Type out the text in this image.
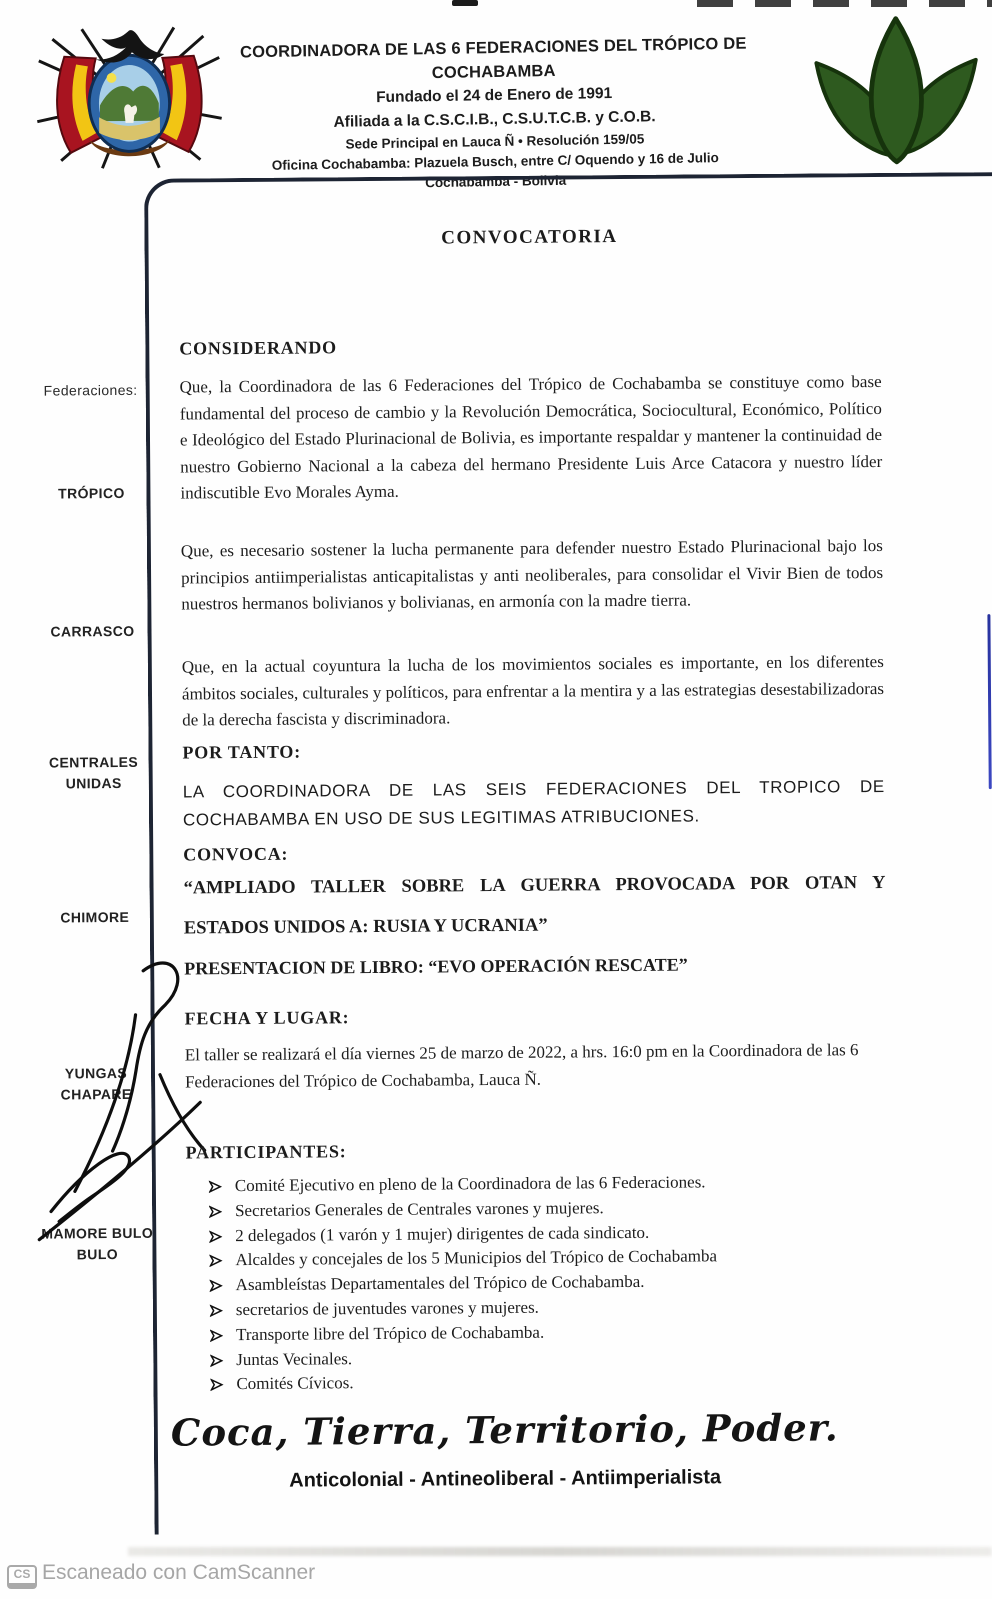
COORDINADORA DE LAS 6 FEDERACIONES DEL TRÓPICO DE COCHABAMBA
Fundado el 24 de Enero de 1991
Afiliada a la C.S.C.I.B., C.S.U.T.C.B. y C.O.B.
Sede Principal en Lauca Ñ • Resolución 159/05
Oficina Cochabamba: Plazuela Busch, entre C/ Oquendo y 16 de Julio
Cochabamba - Bolivia
Federaciones:
TRÓPICO
CARRASCO
CENTRALES UNIDAS
CHIMORE
YUNGAS CHAPARE
MAMORE BULO BULO
CONVOCATORIA
CONSIDERANDO
Que, la Coordinadora de las 6 Federaciones del Trópico de Cochabamba se constituye como base fundamental del proceso de cambio y la Revolución Democrática, Sociocultural, Económico, Político e Ideológico del Estado Plurinacional de Bolivia, es importante respaldar y mantener la continuidad de nuestro Gobierno Nacional a la cabeza del hermano Presidente Luis Arce Catacora y nuestro líder indiscutible Evo Morales Ayma.
Que, es necesario sostener la lucha permanente para defender nuestro Estado Plurinacional bajo los principios antiimperialistas anticapitalistas y anti neoliberales, para consolidar el Vivir Bien de todos nuestros hermanos bolivianos y bolivianas, en armonía con la madre tierra.
Que, en la actual coyuntura la lucha de los movimientos sociales es importante, en los diferentes ámbitos sociales, culturales y políticos, para enfrentar a la mentira y a las estrategias desestabilizadoras de la derecha fascista y discriminadora.
POR TANTO:
LA COORDINADORA DE LAS SEIS FEDERACIONES DEL TROPICO DE
COCHABAMBA EN USO DE SUS LEGITIMAS ATRIBUCIONES.
CONVOCA:
“AMPLIADO TALLER SOBRE LA GUERRA PROVOCADA POR OTAN Y
ESTADOS UNIDOS A: RUSIA Y UCRANIA”
PRESENTACION DE LIBRO: “EVO OPERACIÓN RESCATE”
FECHA Y LUGAR:
El taller se realizará el día viernes 25 de marzo de 2022, a hrs. 16:0 pm en la Coordinadora de las 6 Federaciones del Trópico de Cochabamba, Lauca Ñ.
PARTICIPANTES:
Comité Ejecutivo en pleno de la Coordinadora de las 6 Federaciones.
Secretarios Generales de Centrales varones y mujeres.
2 delegados (1 varón y 1 mujer) dirigentes de cada sindicato.
Alcaldes y concejales de los 5 Municipios del Trópico de Cochabamba
Asambleístas Departamentales del Trópico de Cochabamba.
secretarios de juventudes varones y mujeres.
Transporte libre del Trópico de Cochabamba.
Juntas Vecinales.
Comités Cívicos.
Coca, Tierra, Territorio, Poder.
Anticolonial - Antineoliberal - Antiimperialista
CS Escaneado con CamScanner
